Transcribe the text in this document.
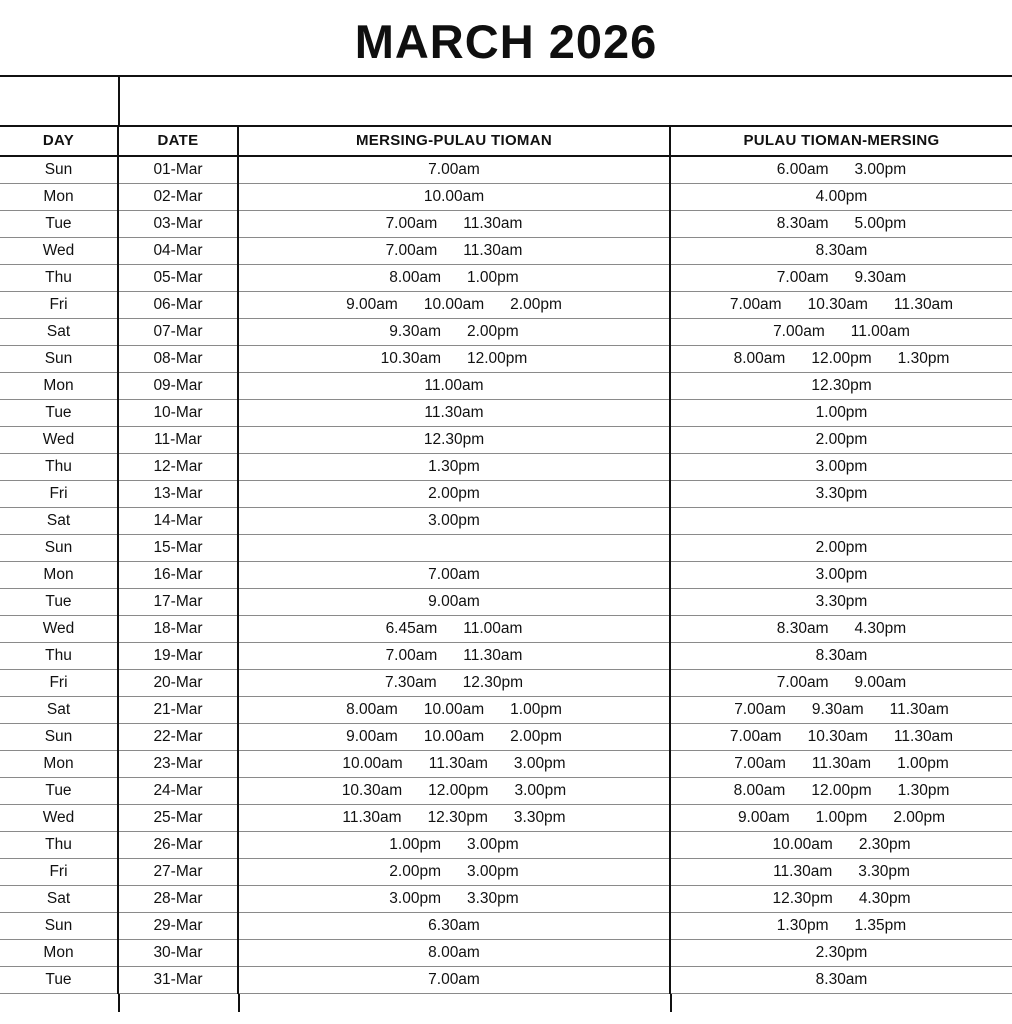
MARCH 2026
DAY	DATE	MERSING-PULAU TIOMAN	PULAU TIOMAN-MERSING
Sun	01-Mar	7.00am	6.00am 3.00pm
Mon	02-Mar	10.00am	4.00pm
Tue	03-Mar	7.00am 11.30am	8.30am 5.00pm
Wed	04-Mar	7.00am 11.30am	8.30am
Thu	05-Mar	8.00am 1.00pm	7.00am 9.30am
Fri	06-Mar	9.00am 10.00am 2.00pm	7.00am 10.30am 11.30am
Sat	07-Mar	9.30am 2.00pm	7.00am 11.00am
Sun	08-Mar	10.30am 12.00pm	8.00am 12.00pm 1.30pm
Mon	09-Mar	11.00am	12.30pm
Tue	10-Mar	11.30am	1.00pm
Wed	11-Mar	12.30pm	2.00pm
Thu	12-Mar	1.30pm	3.00pm
Fri	13-Mar	2.00pm	3.30pm
Sat	14-Mar	3.00pm	
Sun	15-Mar		2.00pm
Mon	16-Mar	7.00am	3.00pm
Tue	17-Mar	9.00am	3.30pm
Wed	18-Mar	6.45am 11.00am	8.30am 4.30pm
Thu	19-Mar	7.00am 11.30am	8.30am
Fri	20-Mar	7.30am 12.30pm	7.00am 9.00am
Sat	21-Mar	8.00am 10.00am 1.00pm	7.00am 9.30am 11.30am
Sun	22-Mar	9.00am 10.00am 2.00pm	7.00am 10.30am 11.30am
Mon	23-Mar	10.00am 11.30am 3.00pm	7.00am 11.30am 1.00pm
Tue	24-Mar	10.30am 12.00pm 3.00pm	8.00am 12.00pm 1.30pm
Wed	25-Mar	11.30am 12.30pm 3.30pm	9.00am 1.00pm 2.00pm
Thu	26-Mar	1.00pm 3.00pm	10.00am 2.30pm
Fri	27-Mar	2.00pm 3.00pm	11.30am 3.30pm
Sat	28-Mar	3.00pm 3.30pm	12.30pm 4.30pm
Sun	29-Mar	6.30am	1.30pm 1.35pm
Mon	30-Mar	8.00am	2.30pm
Tue	31-Mar	7.00am	8.30am
